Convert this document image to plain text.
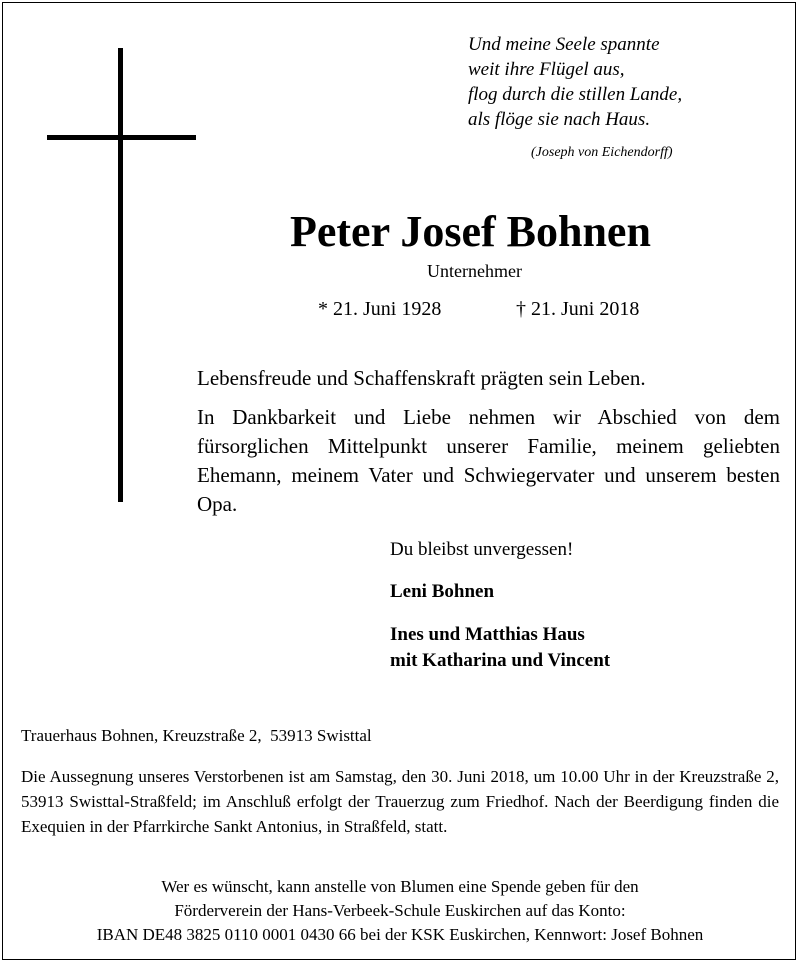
Und meine Seele spannte
weit ihre Flügel aus,
flog durch die stillen Lande,
als flöge sie nach Haus.
(Joseph von Eichendorff)
Peter Josef Bohnen
Unternehmer
* 21. Juni 1928	† 21. Juni 2018
Lebensfreude und Schaffenskraft prägten sein Leben.
In Dankbarkeit und Liebe nehmen wir Abschied von dem fürsorglichen Mittelpunkt unserer Familie, meinem geliebten Ehemann, meinem Vater und Schwiegervater und unserem besten Opa.
Du bleibst unvergessen!
Leni Bohnen
Ines und Matthias Haus
mit Katharina und Vincent
Trauerhaus Bohnen, Kreuzstraße 2,  53913 Swisttal
Die Aussegnung unseres Verstorbenen ist am Samstag, den 30. Juni 2018, um 10.00 Uhr in der Kreuzstraße 2, 53913 Swisttal-Straßfeld; im Anschluß erfolgt der Trauerzug zum Friedhof. Nach der Beerdigung finden die Exequien in der Pfarrkirche Sankt Antonius, in Straßfeld, statt.
Wer es wünscht, kann anstelle von Blumen eine Spende geben für den
Förderverein der Hans-Verbeek-Schule Euskirchen auf das Konto:
IBAN DE48 3825 0110 0001 0430 66 bei der KSK Euskirchen, Kennwort: Josef Bohnen
